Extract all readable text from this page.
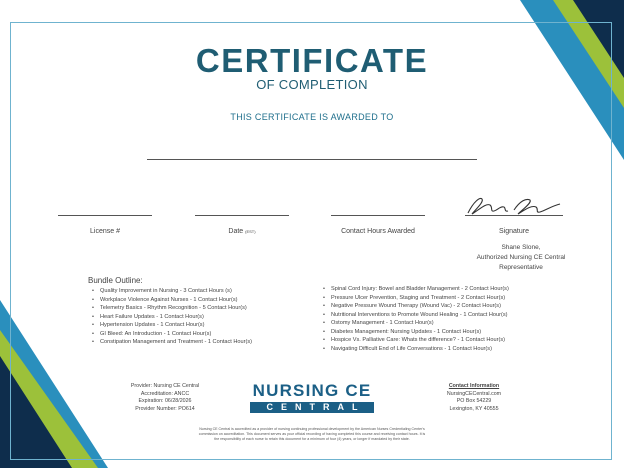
CERTIFICATE
OF COMPLETION
THIS CERTIFICATE IS AWARDED TO
License #	Date (EST)	Contact Hours Awarded	Signature
Shane Slone,
Authorized Nursing CE Central
Representative
Bundle Outline:
• Quality Improvement in Nursing - 3 Contact Hours (s)
• Workplace Violence Against Nurses - 1 Contact Hour(s)
• Telemetry Basics - Rhythm Recognition - 5 Contact Hour(s)
• Heart Failure Updates - 1 Contact Hour(s)
• Hypertension Updates - 1 Contact Hour(s)
• GI Bleed: An Introduction - 1 Contact Hour(s)
• Constipation Management and Treatment - 1 Contact Hour(s)
• Spinal Cord Injury: Bowel and Bladder Management - 2 Contact Hour(s)
• Pressure Ulcer Prevention, Staging and Treatment - 2 Contact Hour(s)
• Negative Pressure Wound Therapy (Wound Vac) - 2 Contact Hour(s)
• Nutritional Interventions to Promote Wound Healing - 1 Contact Hour(s)
• Ostomy Management - 1 Contact Hour(s)
• Diabetes Management: Nursing Updates - 1 Contact Hour(s)
• Hospice Vs. Palliative Care: Whats the difference? - 1 Contact Hour(s)
• Navigating Difficult End of Life Conversations - 1 Contact Hour(s)
Provider: Nursing CE Central
Accreditation: ANCC
Expiration: 06/28/2026
Provider Number: PO614
NURSING CE
CENTRAL
Contact Information
NursingCECentral.com
PO Box 54229
Lexington, KY 40555
Nursing CE Central is accredited as a provider of nursing continuing professional development by the American Nurses Credentialing Center's
commission on accreditation. This document serves as your official recording of having completed this course and receiving contact hours. It is
the responsibility of each nurse to retain this document for a minimum of four (4) years, or longer if mandated by their state.
